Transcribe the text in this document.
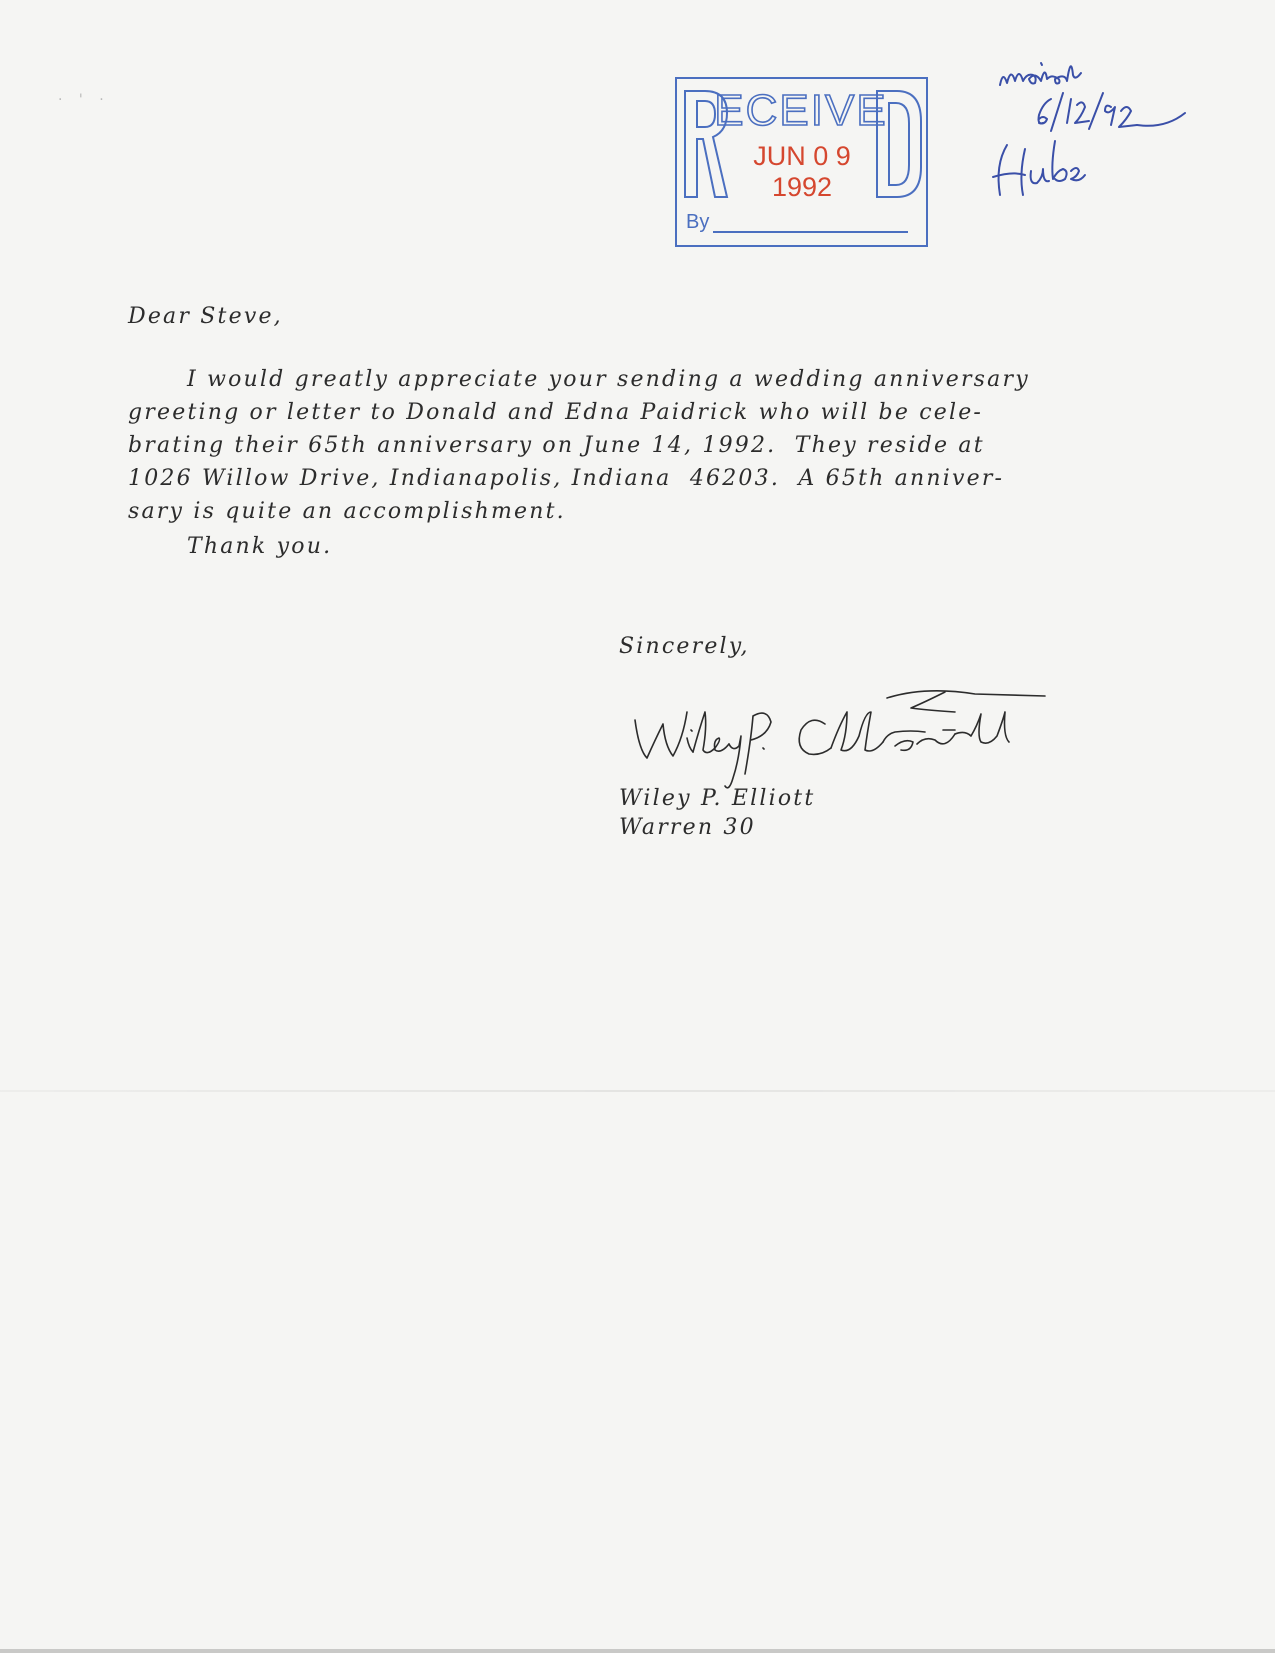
· ' ·	ECEIVE
JUN 0 9 1992
By
Dear Steve,
I would greatly appreciate your sending a wedding anniversary
greeting or letter to Donald and Edna Paidrick who will be cele-
brating their 65th anniversary on June 14, 1992.  They reside at
1026 Willow Drive, Indianapolis, Indiana  46203.  A 65th anniver-
sary is quite an accomplishment.
Thank you.
Sincerely,
Wiley P. Elliott
Warren 30
